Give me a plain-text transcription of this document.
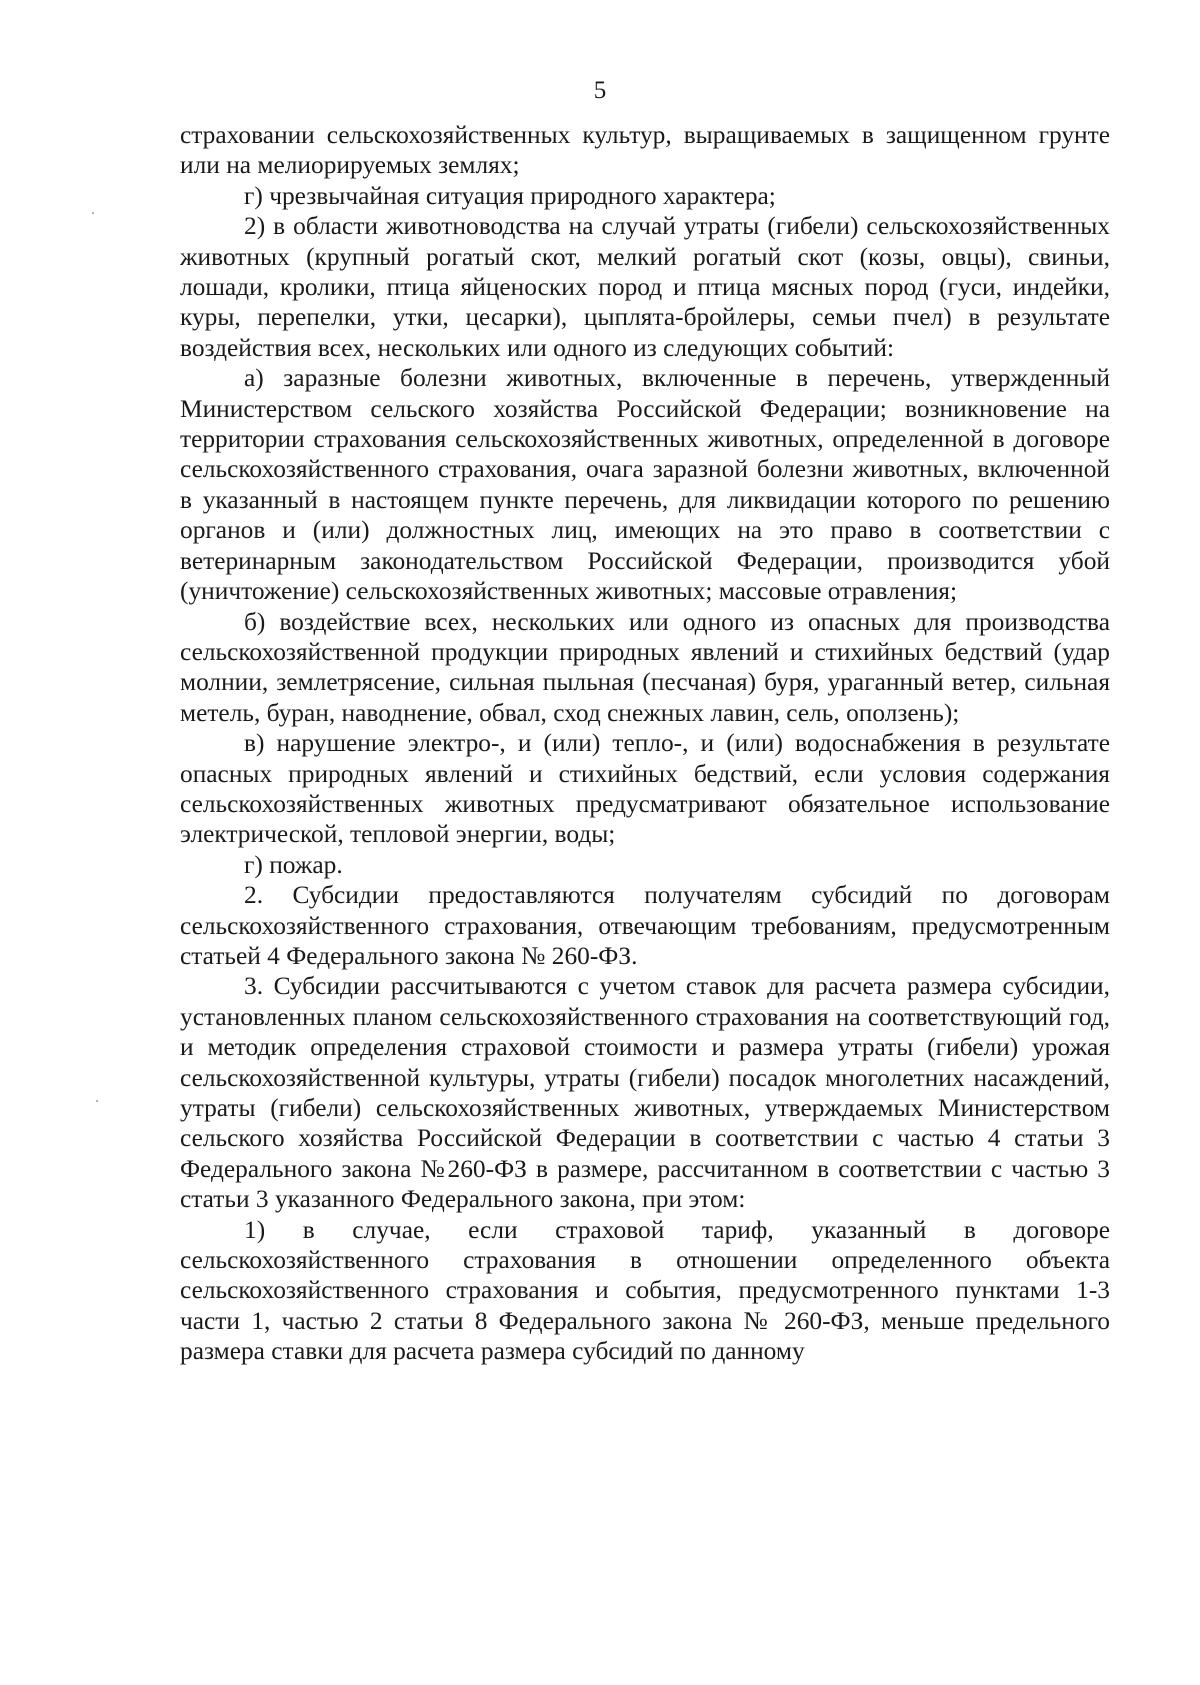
5

страховании сельскохозяйственных культур, выращиваемых в защищенном грунте или на мелиорируемых землях;

г) чрезвычайная ситуация природного характера;

2) в области животноводства на случай утраты (гибели) сельскохозяйственных животных (крупный рогатый скот, мелкий рогатый скот (козы, овцы), свиньи, лошади, кролики, птица яйценоских пород и птица мясных пород (гуси, индейки, куры, перепелки, утки, цесарки), цыплята-бройлеры, семьи пчел) в результате воздействия всех, нескольких или одного из следующих событий:

а) заразные болезни животных, включенные в перечень, утвержденный Министерством сельского хозяйства Российской Федерации; возникновение на территории страхования сельскохозяйственных животных, определенной в договоре сельскохозяйственного страхования, очага заразной болезни животных, включенной в указанный в настоящем пункте перечень, для ликвидации которого по решению органов и (или) должностных лиц, имеющих на это право в соответствии с ветеринарным законодательством Российской Федерации, производится убой (уничтожение) сельскохозяйственных животных; массовые отравления;

б) воздействие всех, нескольких или одного из опасных для производства сельскохозяйственной продукции природных явлений и стихийных бедствий (удар молнии, землетрясение, сильная пыльная (песчаная) буря, ураганный ветер, сильная метель, буран, наводнение, обвал, сход снежных лавин, сель, оползень);

в) нарушение электро-, и (или) тепло-, и (или) водоснабжения в результате опасных природных явлений и стихийных бедствий, если условия содержания сельскохозяйственных животных предусматривают обязательное использование электрической, тепловой энергии, воды;

г) пожар.

2. Субсидии предоставляются получателям субсидий по договорам сельскохозяйственного страхования, отвечающим требованиям, предусмотренным статьей 4 Федерального закона № 260-ФЗ.

3. Субсидии рассчитываются с учетом ставок для расчета размера субсидии, установленных планом сельскохозяйственного страхования на соответствующий год, и методик определения страховой стоимости и размера утраты (гибели) урожая сельскохозяйственной культуры, утраты (гибели) посадок многолетних насаждений, утраты (гибели) сельскохозяйственных животных, утверждаемых Министерством сельского хозяйства Российской Федерации в соответствии с частью 4 статьи 3 Федерального закона №260-ФЗ в размере, рассчитанном в соответствии с частью 3 статьи 3 указанного Федерального закона, при этом:

1) в случае, если страховой тариф, указанный в договоре сельскохозяйственного страхования в отношении определенного объекта сельскохозяйственного страхования и события, предусмотренного пунктами 1-3 части 1, частью 2 статьи 8 Федерального закона № 260-ФЗ, меньше предельного размера ставки для расчета размера субсидий по данному
